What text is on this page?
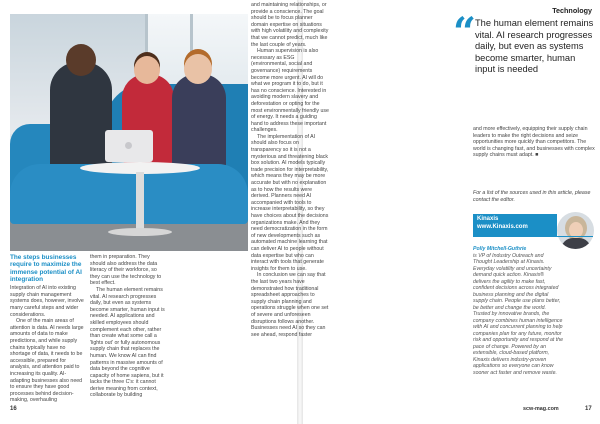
The steps businesses require to maximize the immense potential of AI integration

Integration of AI into existing supply chain management systems does, however, involve many careful steps and wider considerations.

One of the main areas of attention is data. AI needs large amounts of data to make predictions, and while supply chains typically have no shortage of data, it needs to be accessible, prepared for analysis, and attention paid to increasing its quality. AI-adapting businesses also need to ensure they have good processes behind decision-making, overhauling

them in preparation. They should also address the data literacy of their workforce, so they can use the technology to best effect.

The human element remains vital. AI research progresses daily, but even as systems become smarter, human input is needed. AI applications and skilled employees should complement each other, rather than create what some call a 'lights out' or fully autonomous supply chain that replaces the human. We know AI can find patterns in massive amounts of data beyond the cognitive capacity of home sapiens, but it lacks the three C's: it cannot derive meaning from context, collaborate by building

16
Technology

and maintaining relationships, or provide a conscience. The goal should be to focus planner domain expertise on situations with high volatility and complexity that we cannot predict, much like the last couple of years.

Human supervision is also necessary as ESG (environmental, social and governance) requirements become more urgent. AI will do what we program it to do, but it has no conscience. Interested in avoiding modern slavery and deforestation or opting for the most environmentally friendly use of energy. It needs a guiding hand to address these important challenges.

The implementation of AI should also focus on transparency so it is not a mysterious and threatening black box solution. AI models typically trade precision for interpretability, which means they may be more accurate but with no explanation as to how the results were derived. Planners need AI accompanied with tools to increase interpretability, so they have choices about the decisions organizations make. And they need democratization in the form of new developments such as automated machine learning that can deliver AI to people without data expertise but who can interact with tools that generate insights for them to use.

In conclusion we can say that the last two years have demonstrated how traditional spreadsheet approaches to supply chain planning and operations struggle when one set of severe and unforeseen disruptions follows another. Businesses need AI so they can see ahead, respond faster

“
The human element remains vital. AI research progresses daily, but even as systems become smarter, human input is needed

and more effectively, equipping their supply chain leaders to make the right decisions and seize opportunities more quickly than competitors. The world is changing fast, and businesses with complex supply chains must adapt. ■

For a list of the sources used in this article, please contact the editor.
Kinaxis
www.Kinaxis.com
Polly Mitchell-Guthrie
is VP of Industry Outreach and Thought Leadership at Kinaxis. Everyday volatility and uncertainty demand quick action. Kinaxis® delivers the agility to make fast, confident decisions across integrated business planning and the digital supply chain. People use plans better, be better and change the world. Trusted by innovative brands, the company combines human intelligence with AI and concurrent planning to help companies plan for any future, monitor risk and opportunity and respond at the pace of change. Powered by an extensible, cloud-based platform, Kinaxis delivers industry-proven applications so everyone can know sooner act faster and remove waste.
scw-mag.com	17
